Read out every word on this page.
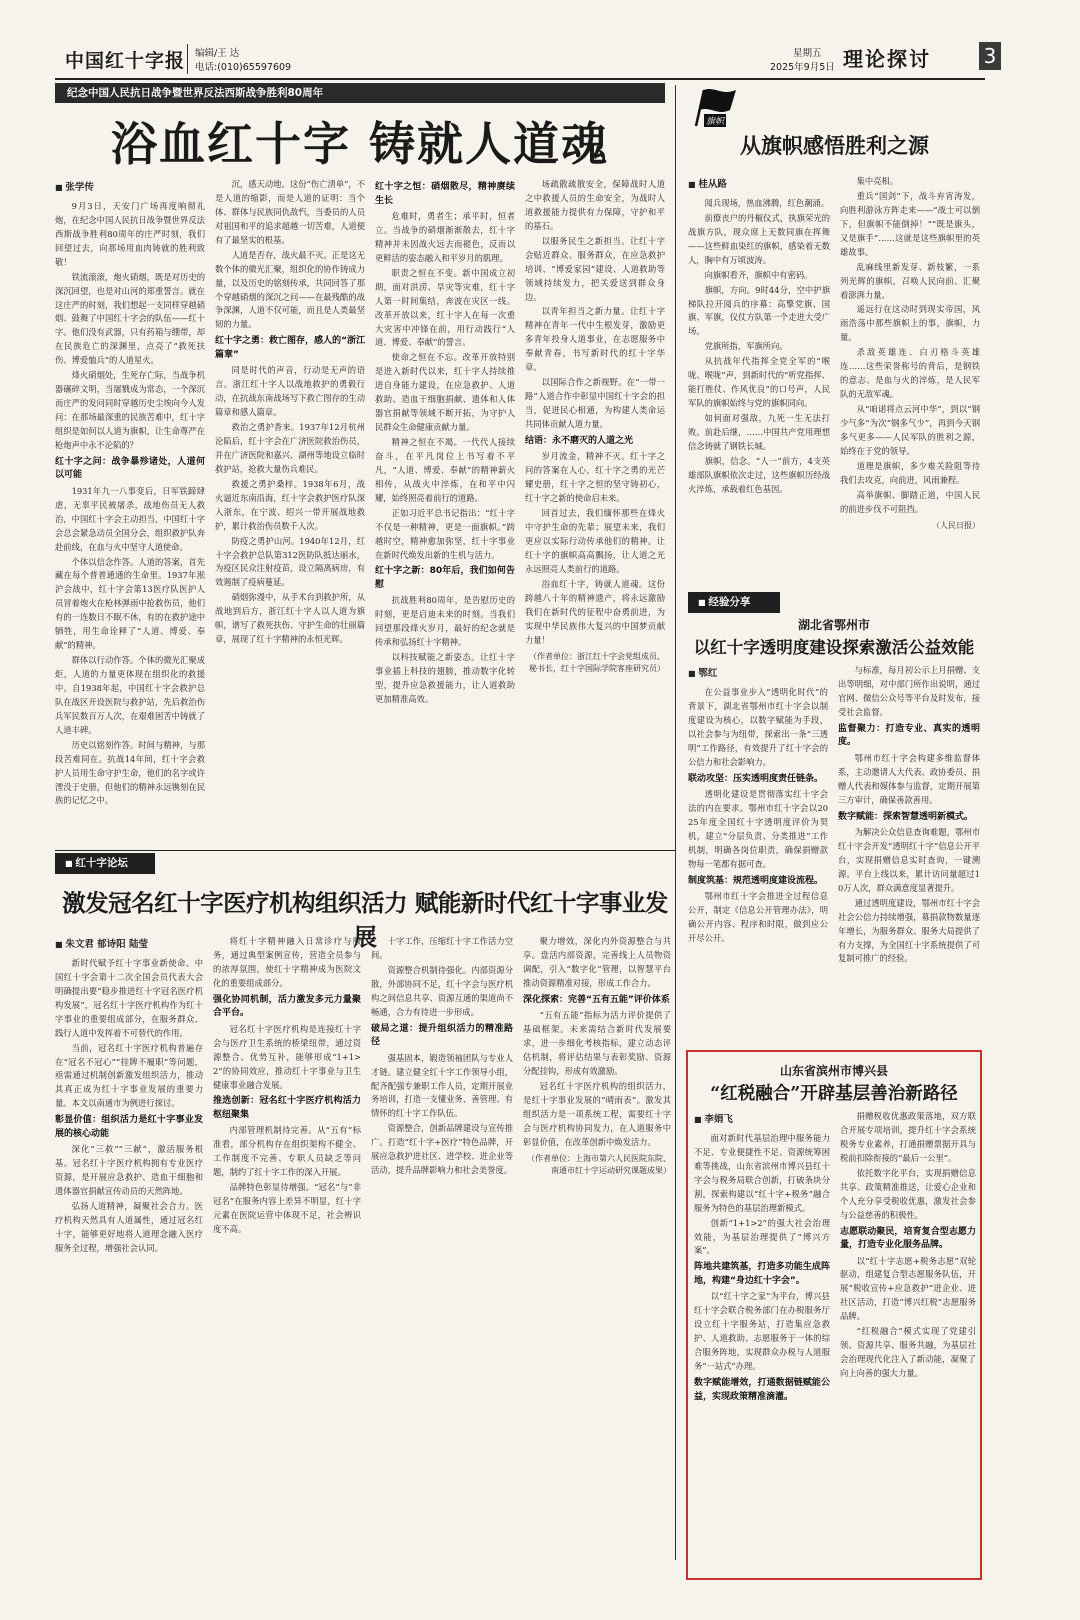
中国红十字报 编辑/王 达
电话:(010)65597609
星期五
2025年9月5日 理论探讨	3
纪念中国人民抗日战争暨世界反法西斯战争胜利80周年
浴血红十字 铸就人道魂
■ 张学传

9月3日，天安门广场再度响彻礼炮，在纪念中国人民抗日战争暨世界反法西斯战争胜利80周年的庄严时刻，我们回望过去，向那场用血肉铸就的胜利致敬！

铁流滚滚，炮火硝烟，既是对历史的深沉回望，也是对山河的郑重誓言。就在这庄严的时刻，我们想起一支同样穿越硝烟、鼓舞了中国红十字会的队伍——红十字。他们没有武器，只有药箱与绷带，却在民族危亡的深渊里，点亮了“救死扶伤、博爱恤兵”的人道星火。

烽火硝烟处，生死存亡际，当战争机器碾碎文明，当屠戮成为常态，一个深沉而庄严的发问同时穿越历史尘埃向今人发问：在那场最深重的民族苦难中，红十字组织是如何以人道为旗帜，让生命尊严在枪炮声中永不沦陷的？

红十字之问：战争暴殄诸处，人道何以可能

1931年九一八事变后，日军铁蹄肆虐，无辜平民被屠杀，战地伤员无人救治，中国红十字会主动担当，中国红十字会总会紧急动员全国分会，组织救护队奔赴前线，在血与火中坚守人道使命。

个体以信念作答。人道的答案，首先藏在每个普普通通的生命里。1937年淞沪会战中，红十字会第13医疗队医护人员冒着炮火在枪林弹雨中抢救伤员，他们有的一连数日不眠不休，有的在救护途中牺牲，用生命诠释了“人道、博爱、奉献”的精神。

群体以行动作答。个体的微光汇聚成炬，人道的力量更体现在组织化的救援中。自1938年起，中国红十字会救护总队在战区开设医院与救护站，先后救治伤兵军民数百万人次，在艰难困苦中铸就了人道丰碑。

历史以铭刻作答。时间与精神，与那段苦难同在。抗战14年间，红十字会救护人员用生命守护生命，他们的名字或许湮没于史册，但他们的精神永远镌刻在民族的记忆之中。

沉，感天动地。这份“伤亡清单”，不是人道的缩影，而是人道的证明：当个体、群体与民族同仇敌忾，当委员的人员对祖国和平的追求超越一切苦难，人道便有了最坚实的根基。

人道是否存，战火最不灭。正是这无数个体的微光汇聚，组织化的协作铸成力量，以及历史的铭刻传承，共同回答了那个穿越硝烟的深沉之问——在最残酷的战争深渊，人道不仅可能，而且是人类最坚韧的力量。

红十字之勇：救亡图存，感人的“浙江篇章”

同是时代的声音，行动是无声的语言。浙江红十字人以战地救护的勇毅行动，在抗战东南战场写下救亡图存的生动篇章和感人篇章。

救治之勇护香来。1937年12月杭州沦陷后，红十字会在广济医院救治伤员，并在广济医院和嘉兴、湖州等地设立临时救护站，抢救大量伤兵难民。

救援之勇护桑梓。1938年6月，战火逼近东南沿海，红十字会救护医疗队深入浙东，在宁波、绍兴一带开展战地救护，累计救治伤员数千人次。

防疫之勇护山河。1940年12月，红十字会救护总队第312医防队抵达丽水，为疫区民众注射疫苗，设立隔离病房，有效遏制了疫病蔓延。

硝烟弥漫中，从手术台到救护所，从战地到后方，浙江红十字人以人道为旗帜，谱写了救死扶伤、守护生命的壮丽篇章，展现了红十字精神的永恒光辉。

红十字之恒：硝烟散尽，精神赓续生长

危难时，勇者生；承平时，恒者立。当战争的硝烟渐渐散去，红十字精神并未因战火远去而褪色，反而以更鲜活的姿态融入和平岁月的肌理。

职责之恒在不变。新中国成立初期，面对洪涝、旱灾等灾难，红十字人第一时间集结，奔波在灾区一线。改革开放以来，红十字人在每一次重大灾害中冲锋在前，用行动践行“人道、博爱、奉献”的誓言。

使命之恒在不忘。改革开放特别是进入新时代以来，红十字人持续推进自身能力建设，在应急救护、人道救助、造血干细胞捐献、遗体和人体器官捐献等领域不断开拓，为守护人民群众生命健康贡献力量。

精神之恒在不竭。一代代人接续奋斗，在平凡岗位上书写着不平凡，“人道、博爱、奉献”的精神薪火相传，从战火中淬炼，在和平中闪耀，始终照亮着前行的道路。

正如习近平总书记指出：“红十字不仅是一种精神，更是一面旗帜。”跨越时空，精神愈加弥坚，红十字事业在新时代焕发出新的生机与活力。

红十字之新：80年后，我们如何告慰

抗战胜利80周年，是告慰历史的时刻，更是启迪未来的时刻。当我们回望那段烽火岁月，最好的纪念就是传承和弘扬红十字精神。

以科技赋能之新姿态。让红十字事业插上科技的翅膀，推动数字化转型，提升应急救援能力，让人道救助更加精准高效。

场疏散疏散安全，保障战时人道之中救援人员的生命安全，为战时人道救援能力提供有力保障，守护和平的基石。

以服务民生之新担当。让红十字会贴近群众、服务群众，在应急救护培训、“博爱家园”建设、人道救助等领域持续发力，把关爱送到群众身边。

以青年担当之新力量。让红十字精神在青年一代中生根发芽，激励更多青年投身人道事业，在志愿服务中奉献青春，书写新时代的红十字华章。

以国际合作之新视野。在“一带一路”人道合作中彰显中国红十字会的担当，促进民心相通，为构建人类命运共同体贡献人道力量。

结语：永不磨灭的人道之光

岁月流金，精神不灭。红十字之问的答案在人心，红十字之勇的光芒耀史册，红十字之恒的坚守铸初心，红十字之新的使命启未来。

回首过去，我们缅怀那些在烽火中守护生命的先辈；展望未来，我们更应以实际行动传承他们的精神。让红十字的旗帜高高飘扬，让人道之光永远照亮人类前行的道路。

浴血红十字，铸就人道魂。这份跨越八十年的精神遗产，将永远激励我们在新时代的征程中奋勇前进，为实现中华民族伟大复兴的中国梦贡献力量！

（作者单位：浙江红十字会党组成员、秘书长，红十字国际学院客座研究员）
旗帜
从旗帜感悟胜利之源
■ 桂从路

阅兵现场，热血沸腾，红色潮涌。

前僚丧户的丹椒仪式，执旗荣光的战旗方队，现众席上无数同旗在挥舞——这些鲜血染红的旗帜，感染着无数人，胸中有万顷波涛。

向旗帜看齐，旗帜中有密码。

旗帜，方向。9时44分，空中护旗梯队拉开阅兵的序幕：高擎党旗、国旗、军旗，仪仗方队第一个走进大受广场。

党旗所指，军旗所向。

从抗战年代指挥全党全军的“喉咙、喉咙”声，到新时代的“听党指挥、能打胜仗、作风优良”的口号声，人民军队的旗帜始终与党的旗帜同向。

如何面对强敌，九死一生无法打败。前赴后继，……中国共产党用理想信念铸就了钢铁长城。

旗帜，信念。“人一”前方，4支英雄部队旗帜依次走过，这些旗帜历经战火淬炼，承载着红色基因。

集中亮相。

重兵“国剑”下，战斗弃宵涛发，向胜利游泳方阵走来——“战士可以倒下，但旗帜不能倒掉！”“既是旗头，又是旗手”……这就是这些旗帜里的英雄故事。

乱麻线里新发芽、新枝繁，一系列光辉的旗帜，召唤人民向前、汇聚着澎湃力量。

遥远行在这动时到现实帝国，风雨浩荡中那些旗帜上的事，旗帜，力量。

杀敌英雄连、白刃格斗英雄连……这些荣誉称号的背后，是钢铁的意志、是血与火的淬炼，是人民军队的无敌军魂。

从“咱诺将点云河中华”，到以“钢少气多”为次“钢多气少”，再到今天钢多气更多——人民军队的胜利之源，始终在于党的领导。

道理是旗帜，多少难关险阻等待我们去攻克，向前进，风雨兼程。

高举旗帜、脚踏正道，中国人民的前进步伐不可阻挡。

（人民日报）
■ 经验分享
湖北省鄂州市
以红十字透明度建设探索激活公益效能
■ 鄂红

在公益事业步入“透明化时代”的背景下，湖北省鄂州市红十字会以制度建设为核心，以数字赋能为手段，以社会参与为纽带，探索出一条“三透明”工作路径，有效提升了红十字会的公信力和社会影响力。

联动攻坚：压实透明度责任链条。

透明化建设是贯彻落实红十字会法的内在要求。鄂州市红十字会以2025年度全国红十字透明度评价为契机，建立“分层负责、分类推进”工作机制，明确各岗位职责，确保捐赠款物每一笔都有据可查。

制度筑基：规范透明度建设流程。

鄂州市红十字会推进全过程信息公开，制定《信息公开管理办法》，明确公开内容、程序和时限，做到应公开尽公开。

与标准，每月初公示上月捐赠、支出等明细，对中部门所作出说明，通过官网、微信公众号等平台及时发布，接受社会监督。

监督聚力：打造专业、真实的透明度。

鄂州市红十字会构建多维监督体系，主动邀请人大代表、政协委员、捐赠人代表和媒体参与监督，定期开展第三方审计，确保善款善用。

数字赋能：探索智慧透明新模式。

为解决公众信息查询难题，鄂州市红十字会开发“透明红十字”信息公开平台，实现捐赠信息实时查询，一键溯源。平台上线以来，累计访问量超过10万人次，群众满意度显著提升。

通过透明度建设，鄂州市红十字会社会公信力持续增强，募捐款物数量逐年增长，为服务群众、服务大局提供了有力支撑，为全国红十字系统提供了可复制可推广的经验。

■ 红十字论坛
激发冠名红十字医疗机构组织活力 赋能新时代红十字事业发展
■ 朱文君 郁诗阳 陆莹

新时代赋予红十字事业新使命。中国红十字会第十二次全国会员代表大会明确提出要“稳步推进红十字冠名医疗机构发展”，冠名红十字医疗机构作为红十字事业的重要组成部分，在服务群众、践行人道中发挥着不可替代的作用。

当前，冠名红十字医疗机构普遍存在“冠名不冠心”“挂牌不履职”等问题，亟需通过机制创新激发组织活力，推动其真正成为红十字事业发展的重要力量。本文以南通市为例进行探讨。

彰显价值：组织活力是红十字事业发展的核心动能

深化“三救”“三献”，激活服务根基。冠名红十字医疗机构拥有专业医疗资源，是开展应急救护、造血干细胞和遗体器官捐献宣传动员的天然阵地。

弘扬人道精神，凝聚社会合力。医疗机构天然具有人道属性，通过冠名红十字，能够更好地将人道理念融入医疗服务全过程，增强社会认同。

将红十字精神融入日常诊疗与服务，通过典型案例宣传，营造全员参与的浓厚氛围，使红十字精神成为医院文化的重要组成部分。

强化协同机制，活力激发多元力量聚合平台。

冠名红十字医疗机构是连接红十字会与医疗卫生系统的桥梁纽带，通过资源整合、优势互补，能够形成“1+1>2”的协同效应，推动红十字事业与卫生健康事业融合发展。

推选创新：冠名红十字医疗机构活力枢纽聚集

内部管理机制待完善。从“五有”标准看，部分机构存在组织架构不健全、工作制度不完善、专职人员缺乏等问题，制约了红十字工作的深入开展。

品牌特色彰显待增强。“冠名”与“非冠名”在服务内容上差异不明显，红十字元素在医院运营中体现不足，社会辨识度不高。

十字工作，压缩红十字工作活力空间。

资源整合机制待强化。内部资源分散，外部协同不足，红十字会与医疗机构之间信息共享、资源互通的渠道尚不畅通，合力有待进一步形成。

破局之道：提升组织活力的精准路径

强基固本，锻造领袖团队与专业人才链。建立健全红十字工作领导小组，配齐配强专兼职工作人员，定期开展业务培训，打造一支懂业务、善管理、有情怀的红十字工作队伍。

资源整合，创新品牌建设与宣传推广。打造“红十字+医疗”特色品牌，开展应急救护进社区、进学校、进企业等活动，提升品牌影响力和社会美誉度。

聚力增效，深化内外资源整合与共享。盘活内部资源，完善线上人员物资调配，引入“数字化”管理，以智慧平台推动资源精准对接，形成工作合力。

深化探索：完善“五有五能”评价体系

“五有五能”指标为活力评价提供了基础框架。未来需结合新时代发展要求，进一步细化考核指标，建立动态评估机制，将评估结果与表彰奖励、资源分配挂钩，形成有效激励。

冠名红十字医疗机构的组织活力，是红十字事业发展的“晴雨表”。激发其组织活力是一项系统工程，需要红十字会与医疗机构协同发力，在人道服务中彰显价值，在改革创新中焕发活力。

（作者单位：上海市第六人民医院东院、南通市红十字运动研究课题成果）
山东省滨州市博兴县
“红税融合”开辟基层善治新路径
■ 李娟飞

面对新时代基层治理中服务能力不足、专业便捷性不足、资源统筹困难等挑战，山东省滨州市博兴县红十字会与税务局联合创新，打破条块分割，探索构建以“红十字+税务”融合服务为特色的基层治理新模式。

创新“1+1>2”的强大社会治理效能，为基层治理提供了“博兴方案”。

阵地共建筑基，打造多功能生成阵地，构建“身边红十字会”。

以“红十字之家”为平台，博兴县红十字会联合税务部门在办税服务厅设立红十字服务站，打造集应急救护、人道救助、志愿服务于一体的综合服务阵地，实现群众办税与人道服务“一站式”办理。

数字赋能增效，打通数据链赋能公益，实现政策精准滴灌。

捐赠税收优惠政策落地，双方联合开展专项培训，提升红十字会系统税务专业素养，打通捐赠票据开具与税前扣除衔接的“最后一公里”。

依托数字化平台，实现捐赠信息共享、政策精准推送，让爱心企业和个人充分享受税收优惠，激发社会参与公益慈善的积极性。

志愿联动聚民，培育复合型志愿力量，打造专业化服务品牌。

以“红十字志愿+税务志愿”双轮驱动，组建复合型志愿服务队伍，开展“税收宣传+应急救护”进企业、进社区活动，打造“博兴红税”志愿服务品牌。

“红税融合”模式实现了党建引领、资源共享、服务共融，为基层社会治理现代化注入了新动能，凝聚了向上向善的强大力量。
